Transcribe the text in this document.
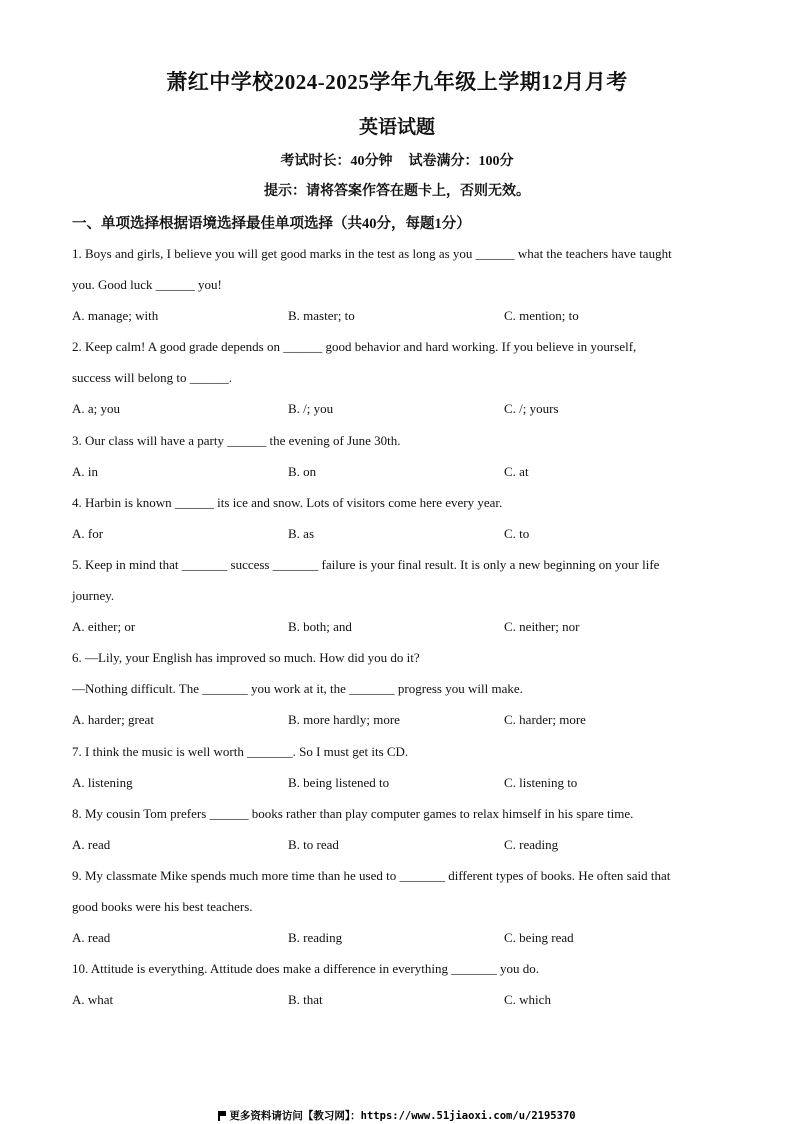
萧红中学校2024-2025学年九年级上学期12月月考
英语试题
考试时长：40分钟 试卷满分：100分
提示：请将答案作答在题卡上，否则无效。
一、单项选择根据语境选择最佳单项选择（共40分，每题1分）
1. Boys and girls, I believe you will get good marks in the test as long as you ______ what the teachers have taught
you. Good luck ______ you!
A. manage; with	B. master; to	C. mention; to
2. Keep calm! A good grade depends on ______ good behavior and hard working. If you believe in yourself,
success will belong to ______.
A. a; you	B. /; you	C. /; yours
3. Our class will have a party ______ the evening of June 30th.
A. in	B. on	C. at
4. Harbin is known ______ its ice and snow. Lots of visitors come here every year.
A. for	B. as	C. to
5. Keep in mind that _______ success _______ failure is your final result. It is only a new beginning on your life
journey.
A. either; or	B. both; and	C. neither; nor
6. —Lily, your English has improved so much. How did you do it?
—Nothing difficult. The _______ you work at it, the _______ progress you will make.
A. harder; great	B. more hardly; more	C. harder; more
7. I think the music is well worth _______. So I must get its CD.
A. listening	B. being listened to	C. listening to
8. My cousin Tom prefers ______ books rather than play computer games to relax himself in his spare time.
A. read	B. to read	C. reading
9. My classmate Mike spends much more time than he used to _______ different types of books. He often said that
good books were his best teachers.
A. read	B. reading	C. being read
10. Attitude is everything. Attitude does make a difference in everything _______ you do.
A. what	B. that	C. which
更多资料请访问【教习网】：https://www.51jiaoxi.com/u/2195370
